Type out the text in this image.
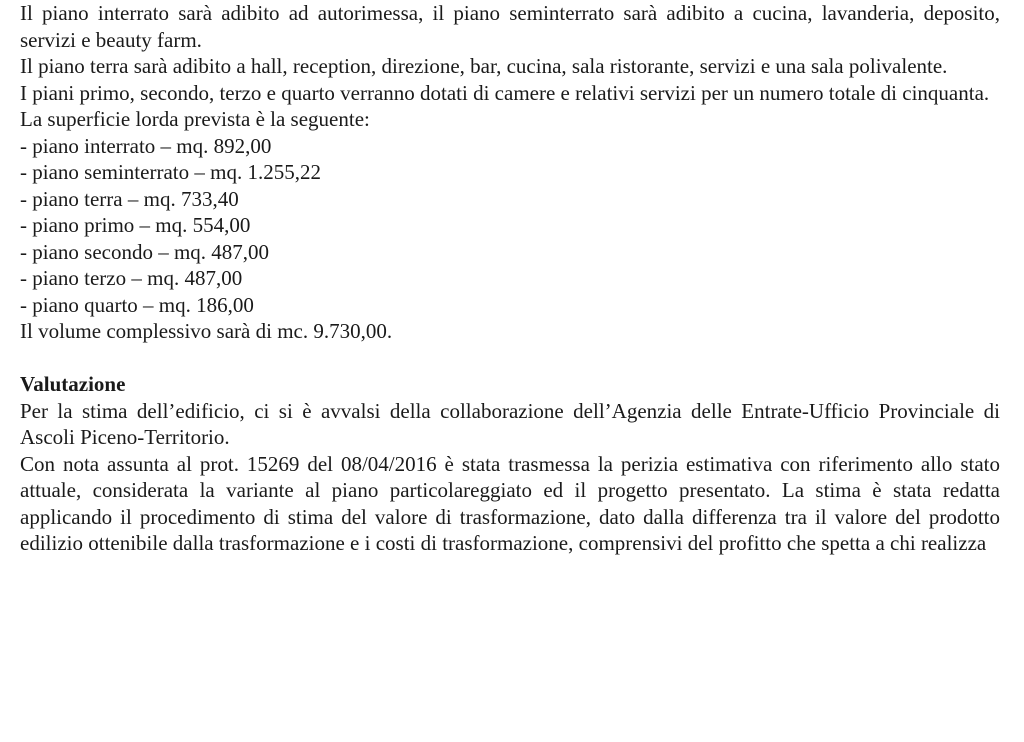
Il piano interrato sarà adibito ad autorimessa, il piano seminterrato sarà adibito a cucina, lavanderia, deposito, servizi e beauty farm.

Il piano terra sarà adibito a hall, reception, direzione, bar, cucina, sala ristorante, servizi e una sala polivalente.

I piani primo, secondo, terzo e quarto verranno dotati di camere e relativi servizi per un numero totale di cinquanta.

La superficie lorda prevista è la seguente:

- piano interrato – mq. 892,00

- piano seminterrato – mq. 1.255,22

- piano terra – mq. 733,40

- piano primo – mq. 554,00

- piano secondo – mq. 487,00

- piano terzo – mq. 487,00

- piano quarto – mq. 186,00

Il volume complessivo sarà di mc. 9.730,00.

Valutazione

Per la stima dell’edificio, ci si è avvalsi della collaborazione dell’Agenzia delle Entrate-Ufficio Provinciale di Ascoli Piceno-Territorio.

Con nota assunta al prot. 15269 del 08/04/2016 è stata trasmessa la perizia estimativa con riferimento allo stato attuale, considerata la variante al piano particolareggiato ed il progetto presentato. La stima è stata redatta applicando il procedimento di stima del valore di trasformazione, dato dalla differenza tra il valore del prodotto edilizio ottenibile dalla trasformazione e i costi di trasformazione, comprensivi del profitto che spetta a chi realizza
